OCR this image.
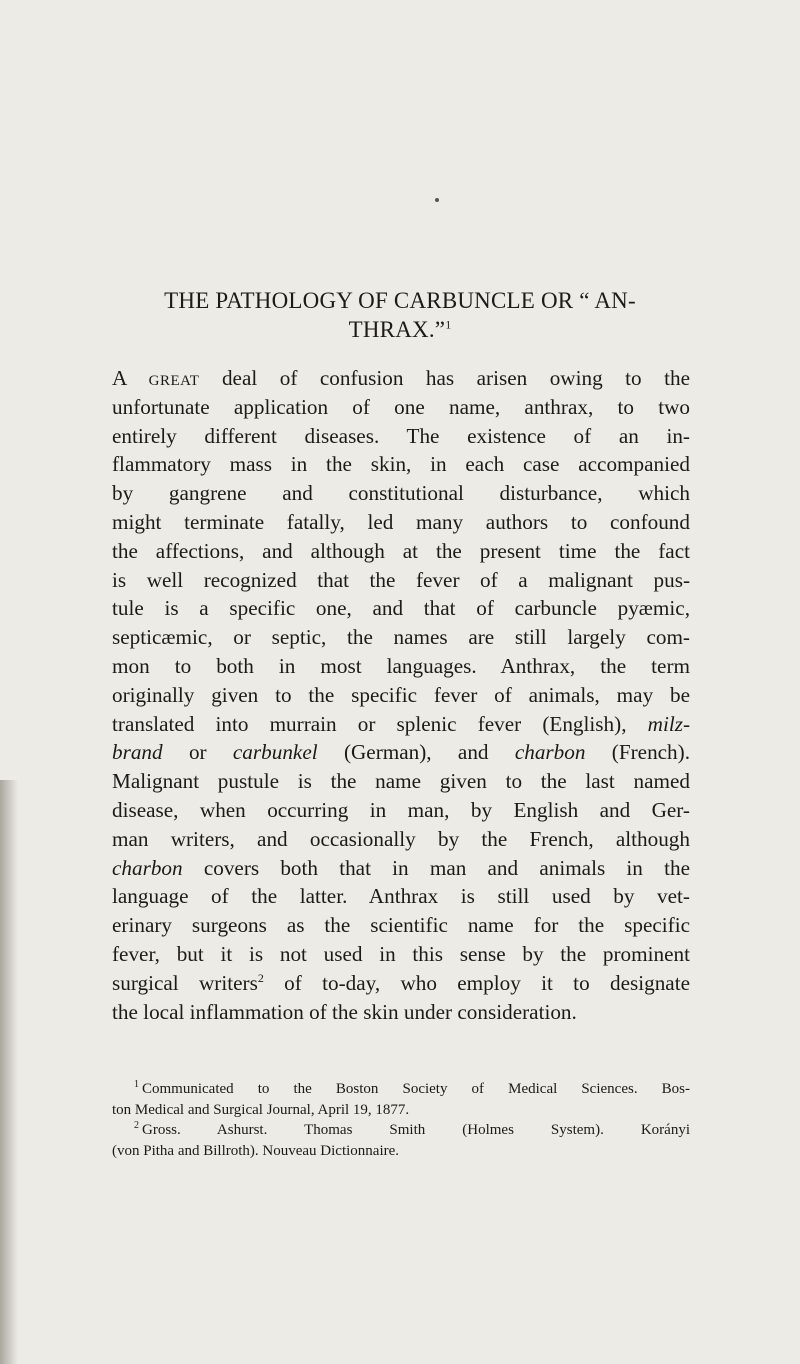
THE PATHOLOGY OF CARBUNCLE OR “ AN-
THRAX.”$^1$
A great deal of confusion has arisen owing to the
unfortunate application of one name, anthrax, to two
entirely different diseases. The existence of an in-
flammatory mass in the skin, in each case accompanied
by gangrene and constitutional disturbance, which
might terminate fatally, led many authors to confound
the affections, and although at the present time the fact
is well recognized that the fever of a malignant pus-
tule is a specific one, and that of carbuncle pyæmic,
septicæmic, or septic, the names are still largely com-
mon to both in most languages. Anthrax, the term
originally given to the specific fever of animals, may be
translated into murrain or splenic fever (English), milz-
brand or carbunkel (German), and charbon (French).
Malignant pustule is the name given to the last named
disease, when occurring in man, by English and Ger-
man writers, and occasionally by the French, although
charbon covers both that in man and animals in the
language of the latter. Anthrax is still used by vet-
erinary surgeons as the scientific name for the specific
fever, but it is not used in this sense by the prominent
surgical writers$^2$ of to-day, who employ it to designate
the local inflammation of the skin under consideration.
$^1$ Communicated to the Boston Society of Medical Sciences. Bos-
ton Medical and Surgical Journal, April 19, 1877.
$^2$ Gross. Ashurst. Thomas Smith (Holmes System). Korányi
(von Pitha and Billroth). Nouveau Dictionnaire.
